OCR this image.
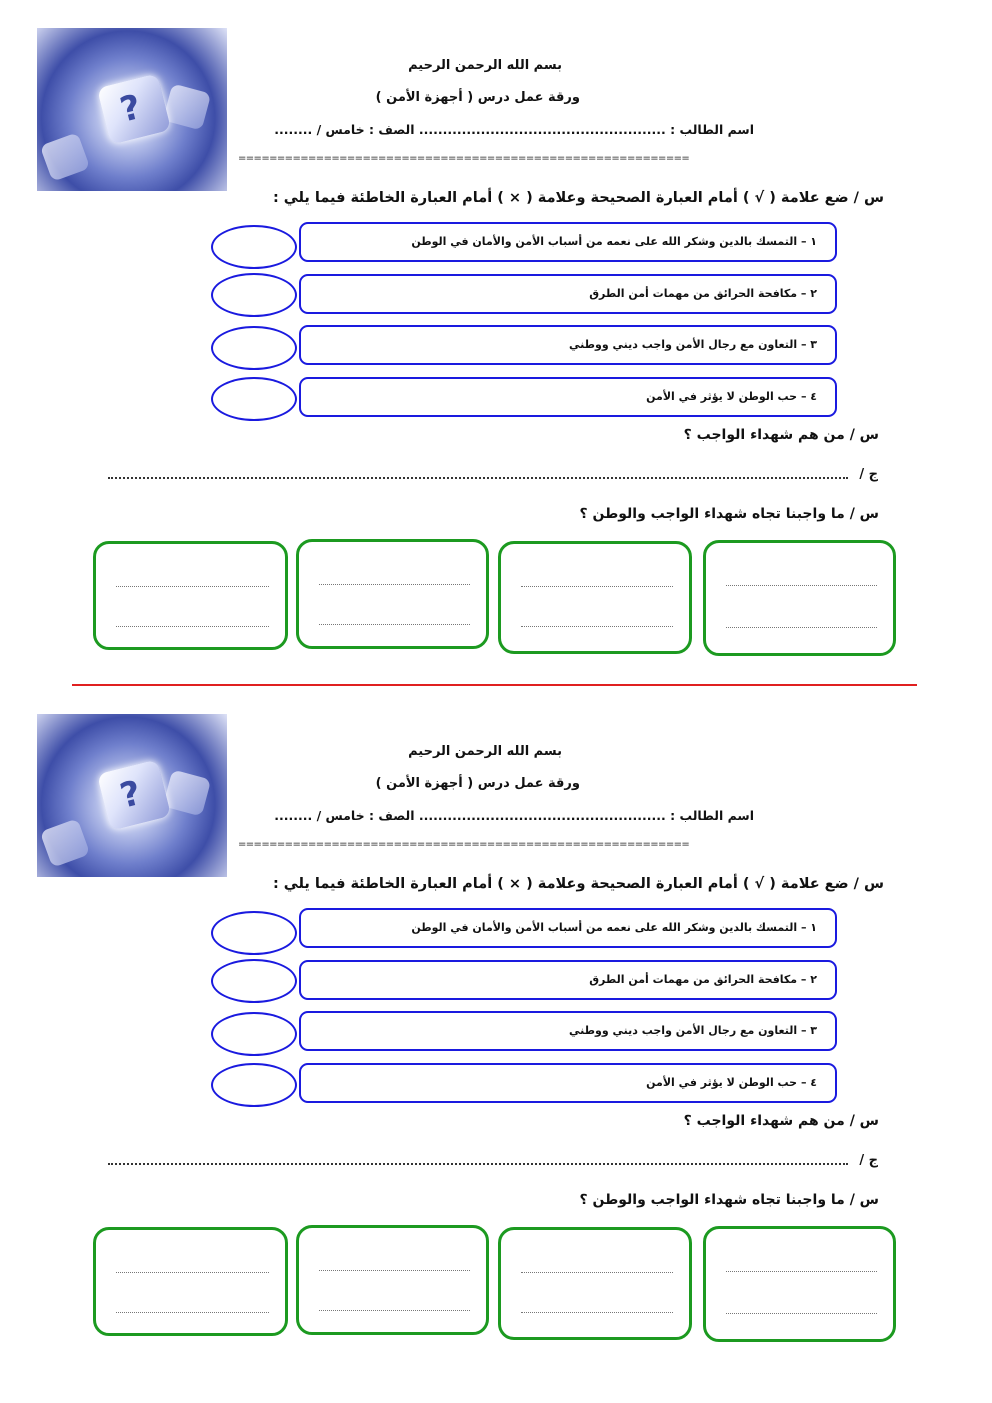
?
بسم الله الرحمن الرحيم
ورقة عمل درس ( أجهزة الأمن )
اسم الطالب : .................................................... الصف : خامس / ........
==========================================================
س / ضع علامة ( √ ) أمام العبارة الصحيحة وعلامة ( × ) أمام العبارة الخاطئة فيما يلي :
١ – التمسك بالدين وشكر الله على نعمه من أسباب الأمن والأمان في الوطن
٢ – مكافحة الحرائق من مهمات أمن الطرق
٣ – التعاون مع رجال الأمن واجب ديني ووطني
٤ – حب الوطن لا يؤثر في الأمن
س / من هم شهداء الواجب ؟
ج /
س / ما واجبنا تجاه شهداء الواجب والوطن ؟
?
بسم الله الرحمن الرحيم
ورقة عمل درس ( أجهزة الأمن )
اسم الطالب : .................................................... الصف : خامس / ........
==========================================================
س / ضع علامة ( √ ) أمام العبارة الصحيحة وعلامة ( × ) أمام العبارة الخاطئة فيما يلي :
١ – التمسك بالدين وشكر الله على نعمه من أسباب الأمن والأمان في الوطن
٢ – مكافحة الحرائق من مهمات أمن الطرق
٣ – التعاون مع رجال الأمن واجب ديني ووطني
٤ – حب الوطن لا يؤثر في الأمن
س / من هم شهداء الواجب ؟
ج /
س / ما واجبنا تجاه شهداء الواجب والوطن ؟
